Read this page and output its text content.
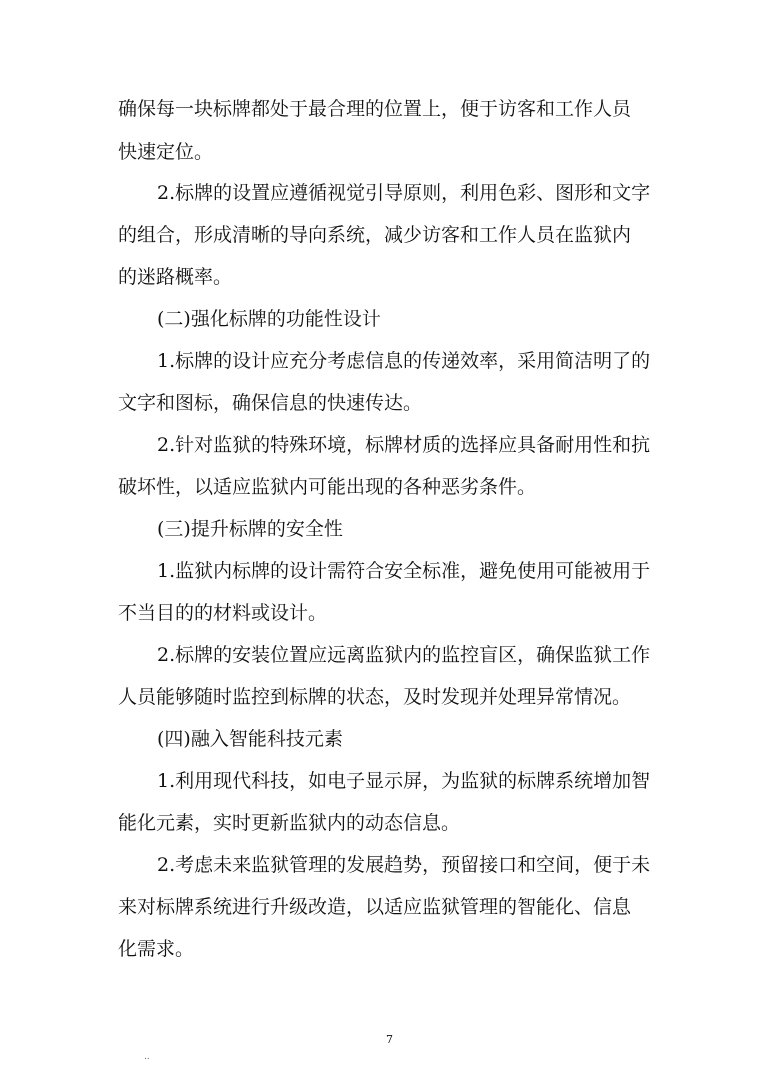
确保每一块标牌都处于最合理的位置上，便于访客和工作人员
快速定位。
2.标牌的设置应遵循视觉引导原则，利用色彩、图形和文字
的组合，形成清晰的导向系统，减少访客和工作人员在监狱内
的迷路概率。
(二)强化标牌的功能性设计
1.标牌的设计应充分考虑信息的传递效率，采用简洁明了的
文字和图标，确保信息的快速传达。
2.针对监狱的特殊环境，标牌材质的选择应具备耐用性和抗
破坏性，以适应监狱内可能出现的各种恶劣条件。
(三)提升标牌的安全性
1.监狱内标牌的设计需符合安全标准，避免使用可能被用于
不当目的的材料或设计。
2.标牌的安装位置应远离监狱内的监控盲区，确保监狱工作
人员能够随时监控到标牌的状态，及时发现并处理异常情况。
(四)融入智能科技元素
1.利用现代科技，如电子显示屏，为监狱的标牌系统增加智
能化元素，实时更新监狱内的动态信息。
2.考虑未来监狱管理的发展趋势，预留接口和空间，便于未
来对标牌系统进行升级改造，以适应监狱管理的智能化、信息
化需求。
7
..
